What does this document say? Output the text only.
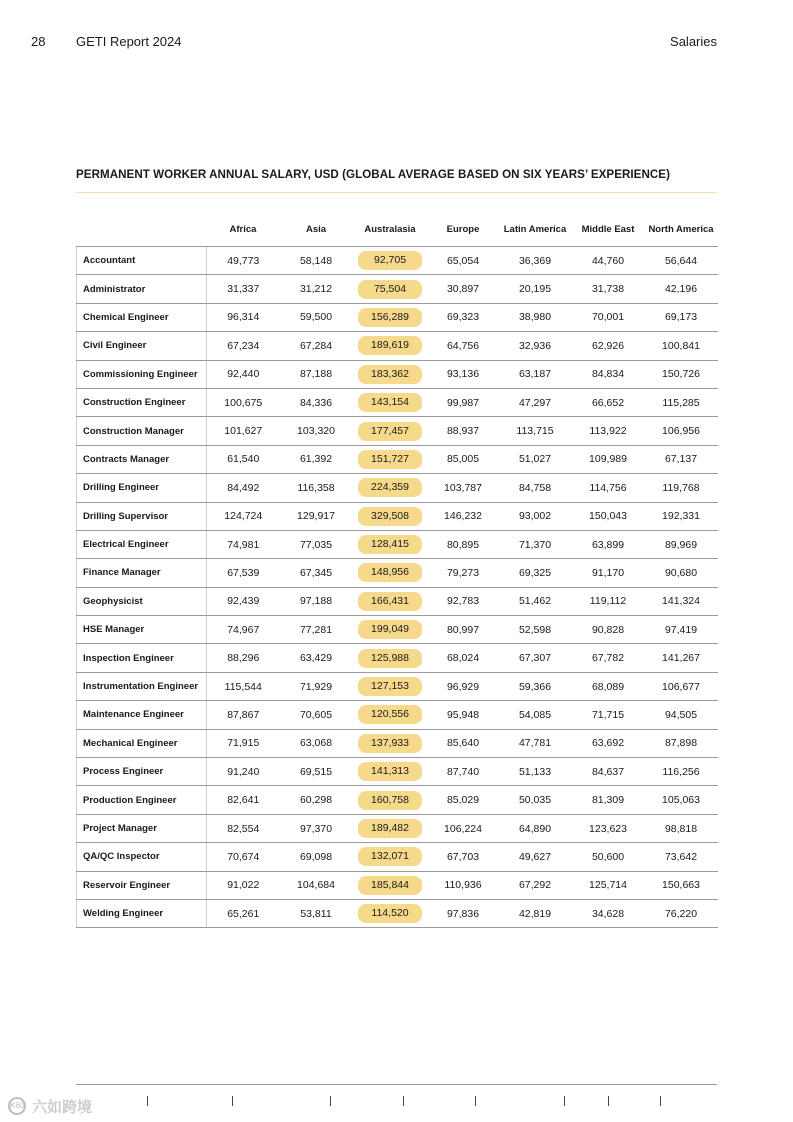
28 GETI Report 2024	Salaries
PERMANENT WORKER ANNUAL SALARY, USD (GLOBAL AVERAGE BASED ON SIX YEARS’ EXPERIENCE)
	Africa	Asia	Australasia	Europe	Latin America	Middle East	North America
Accountant	49,773	58,148	92,705	65,054	36,369	44,760	56,644
Administrator	31,337	31,212	75,504	30,897	20,195	31,738	42,196
Chemical Engineer	96,314	59,500	156,289	69,323	38,980	70,001	69,173
Civil Engineer	67,234	67,284	189,619	64,756	32,936	62,926	100,841
Commissioning Engineer	92,440	87,188	183,362	93,136	63,187	84,834	150,726
Construction Engineer	100,675	84,336	143,154	99,987	47,297	66,652	115,285
Construction Manager	101,627	103,320	177,457	88,937	113,715	113,922	106,956
Contracts Manager	61,540	61,392	151,727	85,005	51,027	109,989	67,137
Drilling Engineer	84,492	116,358	224,359	103,787	84,758	114,756	119,768
Drilling Supervisor	124,724	129,917	329,508	146,232	93,002	150,043	192,331
Electrical Engineer	74,981	77,035	128,415	80,895	71,370	63,899	89,969
Finance Manager	67,539	67,345	148,956	79,273	69,325	91,170	90,680
Geophysicist	92,439	97,188	166,431	92,783	51,462	119,112	141,324
HSE Manager	74,967	77,281	199,049	80,997	52,598	90,828	97,419
Inspection Engineer	88,296	63,429	125,988	68,024	67,307	67,782	141,267
Instrumentation Engineer	115,544	71,929	127,153	96,929	59,366	68,089	106,677
Maintenance Engineer	87,867	70,605	120,556	95,948	54,085	71,715	94,505
Mechanical Engineer	71,915	63,068	137,933	85,640	47,781	63,692	87,898
Process Engineer	91,240	69,515	141,313	87,740	51,133	84,637	116,256
Production Engineer	82,641	60,298	160,758	85,029	50,035	81,309	105,063
Project Manager	82,554	97,370	189,482	106,224	64,890	123,623	98,818
QA/QC Inspector	70,674	69,098	132,071	67,703	49,627	50,600	73,642
Reservoir Engineer	91,022	104,684	185,844	110,936	67,292	125,714	150,663
Welding Engineer	65,261	53,811	114,520	97,836	42,819	34,628	76,220
K60 六如跨境
